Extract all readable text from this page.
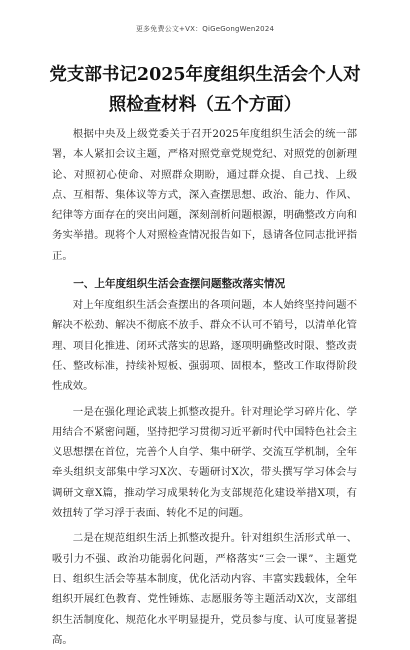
更多免费公文+VX：QiGeGongWen2024
党支部书记2025年度组织生活会个人对照检查材料（五个方面）

根据中央及上级党委关于召开2025年度组织生活会的统一部署，本人紧扣会议主题，严格对照党章党规党纪、对照党的创新理论、对照初心使命、对照群众期盼，通过群众提、自己找、上级点、互相帮、集体议等方式，深入查摆思想、政治、能力、作风、纪律等方面存在的突出问题，深刻剖析问题根源，明确整改方向和务实举措。现将个人对照检查情况报告如下，恳请各位同志批评指正。

一、上年度组织生活会查摆问题整改落实情况

对上年度组织生活会查摆出的各项问题，本人始终坚持问题不解决不松劲、解决不彻底不放手、群众不认可不销号，以清单化管理、项目化推进、闭环式落实的思路，逐项明确整改时限、整改责任、整改标准，持续补短板、强弱项、固根本，整改工作取得阶段性成效。

一是在强化理论武装上抓整改提升。针对理论学习碎片化、学用结合不紧密问题，坚持把学习贯彻习近平新时代中国特色社会主义思想摆在首位，完善个人自学、集中研学、交流互学机制，全年牵头组织支部集中学习X次、专题研讨X次，带头撰写学习体会与调研文章X篇，推动学习成果转化为支部规范化建设举措X项，有效扭转了学习浮于表面、转化不足的问题。

二是在规范组织生活上抓整改提升。针对组织生活形式单一、吸引力不强、政治功能弱化问题，严格落实“三会一课”、主题党日、组织生活会等基本制度，优化活动内容、丰富实践载体，全年组织开展红色教育、党性锤炼、志愿服务等主题活动X次，支部组织生活制度化、规范化水平明显提升，党员参与度、认可度显著提高。
